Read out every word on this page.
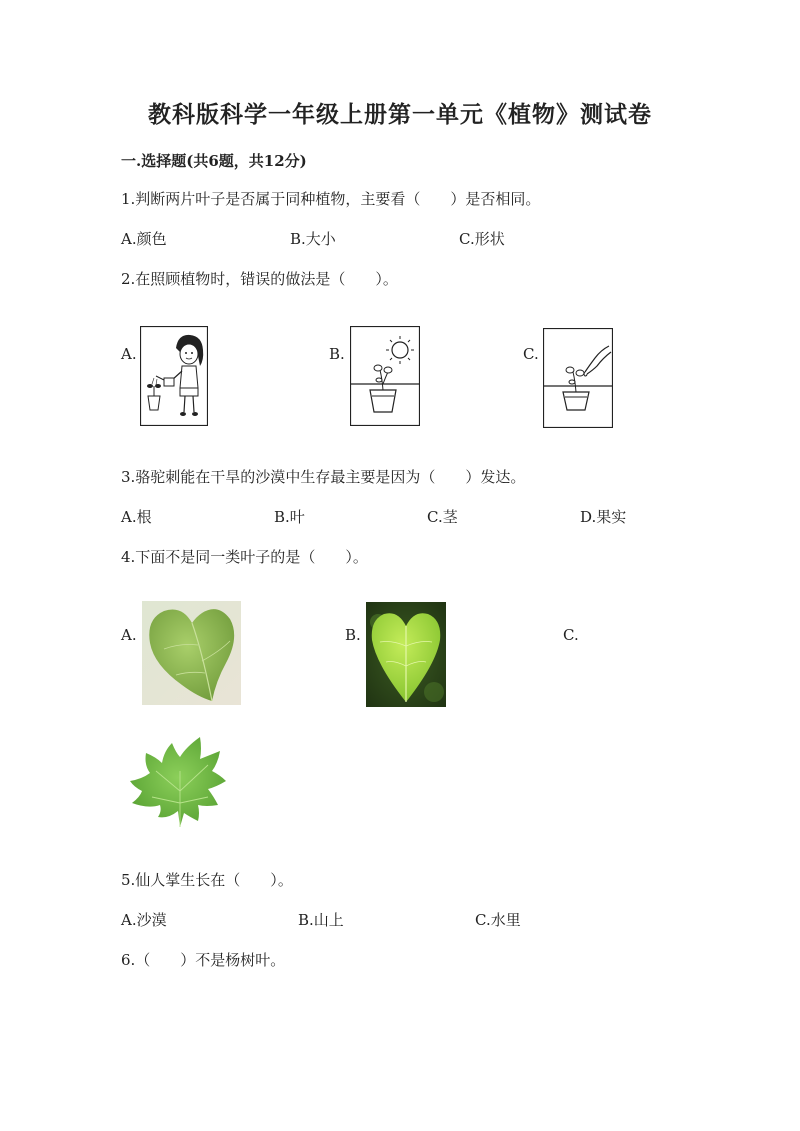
教科版科学一年级上册第一单元《植物》测试卷
一.选择题(共6题，共12分)
1.判断两片叶子是否属于同种植物，主要看（　　）是否相同。
A.颜色	B.大小	C.形状
2.在照顾植物时，错误的做法是（　　）。
A.	B.	C.
3.骆驼刺能在干旱的沙漠中生存最主要是因为（　　）发达。
A.根	B.叶	C.茎	D.果实
4.下面不是同一类叶子的是（　　）。
A.	B.	C.
5.仙人掌生长在（　　）。
A.沙漠	B.山上	C.水里
6.（　　）不是杨树叶。
